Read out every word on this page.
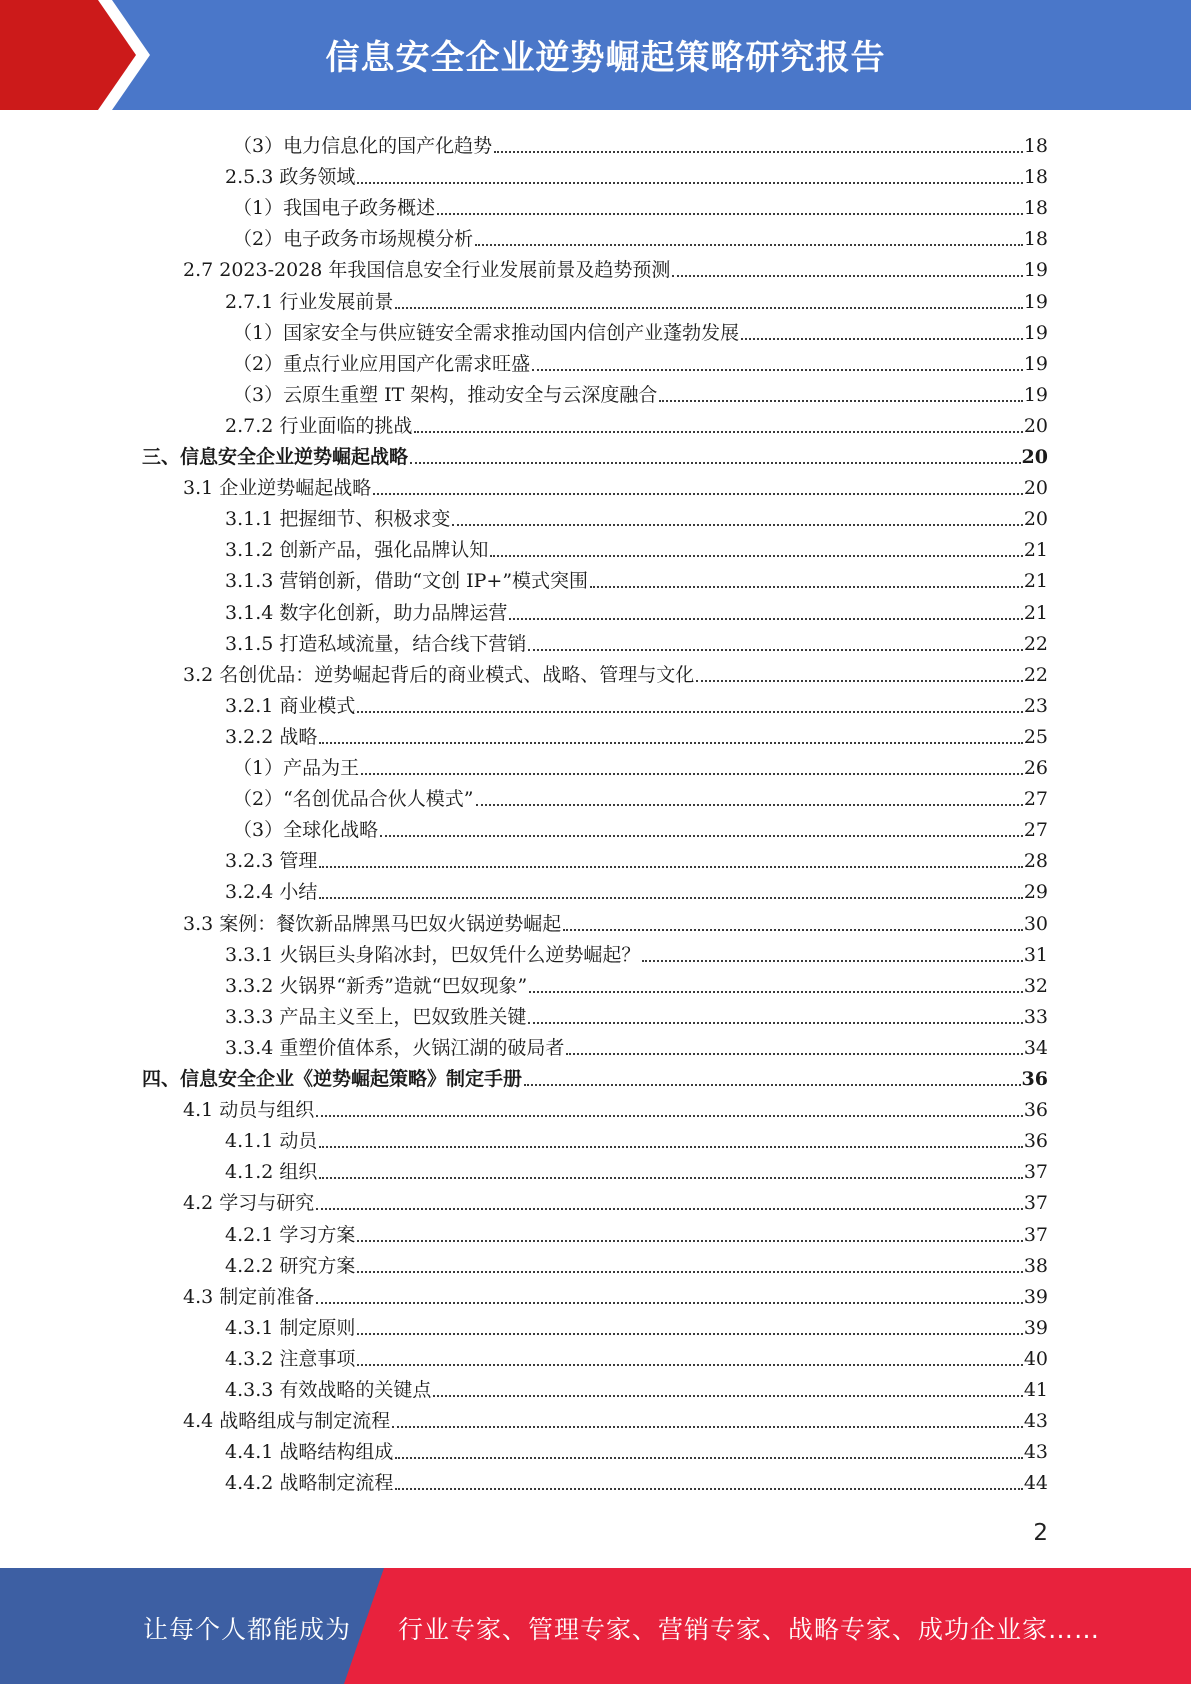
信息安全企业逆势崛起策略研究报告
（3）电力信息化的国产化趋势	18
2.5.3 政务领域	18
（1）我国电子政务概述	18
（2）电子政务市场规模分析	18
2.7 2023-2028 年我国信息安全行业发展前景及趋势预测	19
2.7.1 行业发展前景	19
（1）国家安全与供应链安全需求推动国内信创产业蓬勃发展	19
（2）重点行业应用国产化需求旺盛	19
（3）云原生重塑 IT 架构，推动安全与云深度融合	19
2.7.2 行业面临的挑战	20
三、信息安全企业逆势崛起战略	20
3.1 企业逆势崛起战略	20
3.1.1 把握细节、积极求变	20
3.1.2 创新产品，强化品牌认知	21
3.1.3 营销创新，借助“文创 IP+”模式突围	21
3.1.4 数字化创新，助力品牌运营	21
3.1.5 打造私域流量，结合线下营销	22
3.2 名创优品：逆势崛起背后的商业模式、战略、管理与文化	22
3.2.1 商业模式	23
3.2.2 战略	25
（1）产品为王	26
（2）“名创优品合伙人模式”	27
（3）全球化战略	27
3.2.3 管理	28
3.2.4 小结	29
3.3 案例：餐饮新品牌黑马巴奴火锅逆势崛起	30
3.3.1 火锅巨头身陷冰封，巴奴凭什么逆势崛起？	31
3.3.2 火锅界“新秀”造就“巴奴现象”	32
3.3.3 产品主义至上，巴奴致胜关键	33
3.3.4 重塑价值体系，火锅江湖的破局者	34
四、信息安全企业《逆势崛起策略》制定手册	36
4.1 动员与组织	36
4.1.1 动员	36
4.1.2 组织	37
4.2 学习与研究	37
4.2.1 学习方案	37
4.2.2 研究方案	38
4.3 制定前准备	39
4.3.1 制定原则	39
4.3.2 注意事项	40
4.3.3 有效战略的关键点	41
4.4 战略组成与制定流程	43
4.4.1 战略结构组成	43
4.4.2 战略制定流程	44
2
让每个人都能成为 行业专家、管理专家、营销专家、战略专家、成功企业家……
